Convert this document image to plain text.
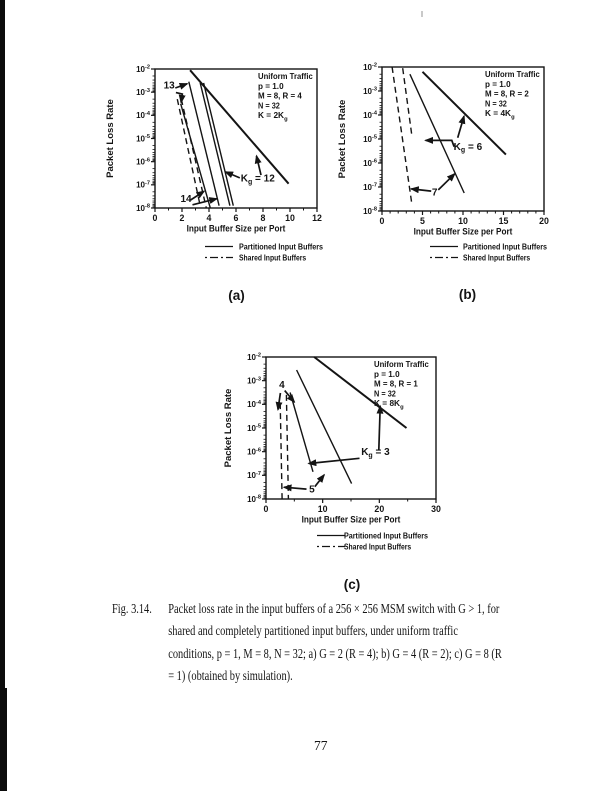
0	2	4	6	8 10 12
$10^{-2}$
$10^{-3}$
$10^{-4}$
$10^{-5}$
$10^{-6}$
$10^{-7}$
$10^{-8}$
13
14
$K_g = 12$
Uniform Traffic
p = 1.0
M = 8, R = 4
N = 32
$K = 2K_g$
Input Buffer Size per Port
Packet Loss Rate
Partitioned Input Buffers
Shared Input Buffers
(a)
0	5	10	15	20
$10^{-2}$
$10^{-3}$
$10^{-4}$
$10^{-5}$
$10^{-6}$
$10^{-7}$
$10^{-8}$
$K_g = 6$
7
Uniform Traffic
p = 1.0
M = 8, R = 2
N = 32
$K = 4K_g$
Input Buffer Size per Port
Packet Loss Rate
Partitioned Input Buffers
Shared Input Buffers
(b)
0	10	20	30
$10^{-2}$
$10^{-3}$
$10^{-4}$
$10^{-5}$
$10^{-6}$
$10^{-7}$
$10^{-8}$
4
5
$K_g = 3$
Uniform Traffic
p = 1.0
M = 8, R = 1
N = 32
$K = 8K_g$
Input Buffer Size per Port
Packet Loss Rate
Partitioned Input Buffers
Shared Input Buffers
(c)
Fig. 3.14.	Packet loss rate in the input buffers of a 256 × 256 MSM switch with G > 1, for
shared and completely partitioned input buffers, under uniform traffic
conditions, p = 1, M = 8, N = 32; a) G = 2 (R = 4); b) G = 4 (R = 2); c) G = 8 (R
= 1) (obtained by simulation).
77
